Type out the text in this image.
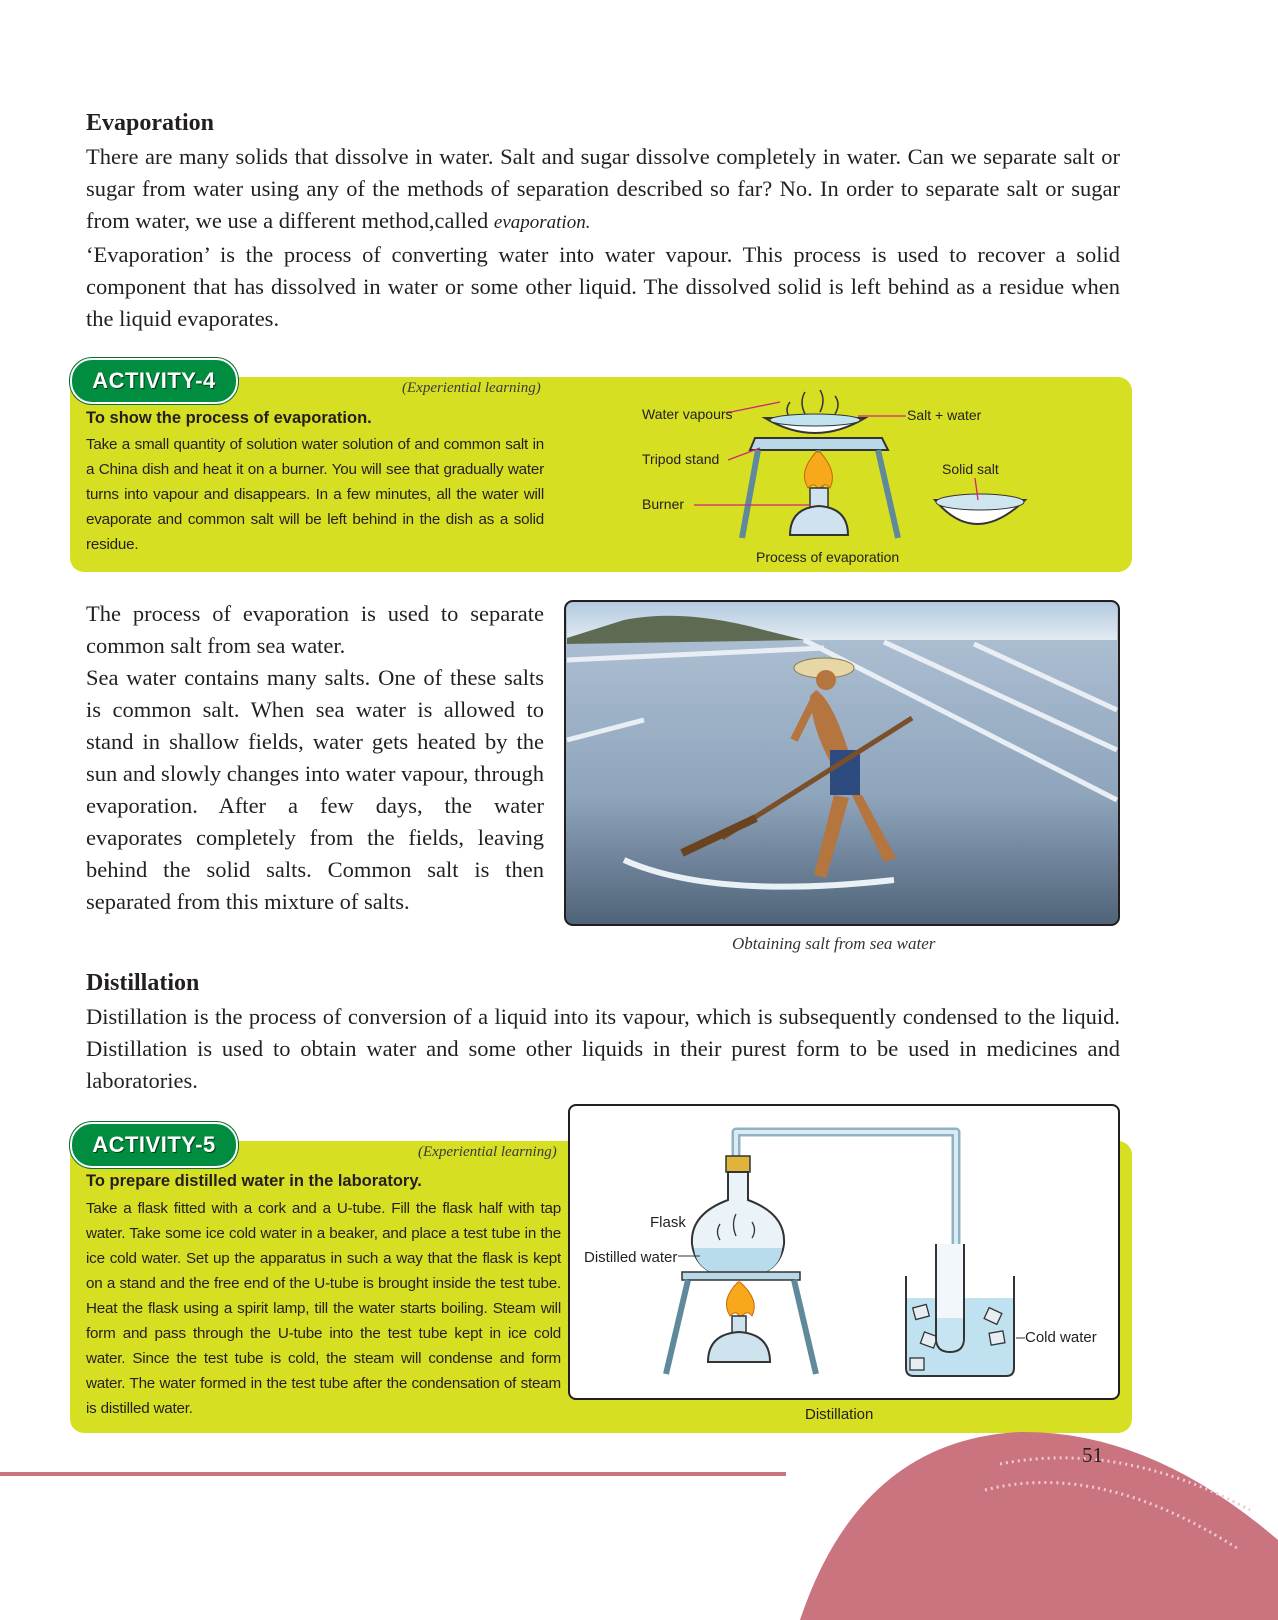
Evaporation

There are many solids that dissolve in water. Salt and sugar dissolve completely in water. Can we separate salt or sugar from water using any of the methods of separation described so far? No. In order to separate salt or sugar from water, we use a different method,called evaporation.

‘Evaporation’ is the process of converting water into water vapour. This process is used to recover a solid component that has dissolved in water or some other liquid. The dissolved solid is left behind as a residue when the liquid evaporates.

ACTIVITY-4	(Experiential learning)
To show the process of evaporation.
Take a small quantity of solution water solution of and common salt in a China dish and heat it on a burner. You will see that gradually water turns into vapour and disappears. In a few minutes, all the water will evaporate and common salt will be left behind in the dish as a solid residue.
Water vapours
Tripod stand
Burner
Salt + water
Solid salt
Process of evaporation

The process of evaporation is used to separate common salt from sea water.

Sea water contains many salts. One of these salts is common salt. When sea water is allowed to stand in shallow fields, water gets heated by the sun and slowly changes into water vapour, through evaporation. After a few days, the water evaporates completely from the fields, leaving behind the solid salts. Common salt is then separated from this mixture of salts.

Obtaining salt from sea water
Distillation
Distillation is the process of conversion of a liquid into its vapour, which is subsequently condensed to the liquid. Distillation is used to obtain water and some other liquids in their purest form to be used in medicines and laboratories.
ACTIVITY-5	(Experiential learning)
To prepare distilled water in the laboratory.
Take a flask fitted with a cork and a U-tube. Fill the flask half with tap water. Take some ice cold water in a beaker, and place a test tube in the ice cold water. Set up the apparatus in such a way that the flask is kept on a stand and the free end of the U-tube is brought inside the test tube. Heat the flask using a spirit lamp, till the water starts boiling. Steam will form and pass through the U-tube into the test tube kept in ice cold water. Since the test tube is cold, the steam will condense and form water. The water formed in the test tube after the condensation of steam is distilled water.
Flask
Distilled water
Cold water
Distillation
51
